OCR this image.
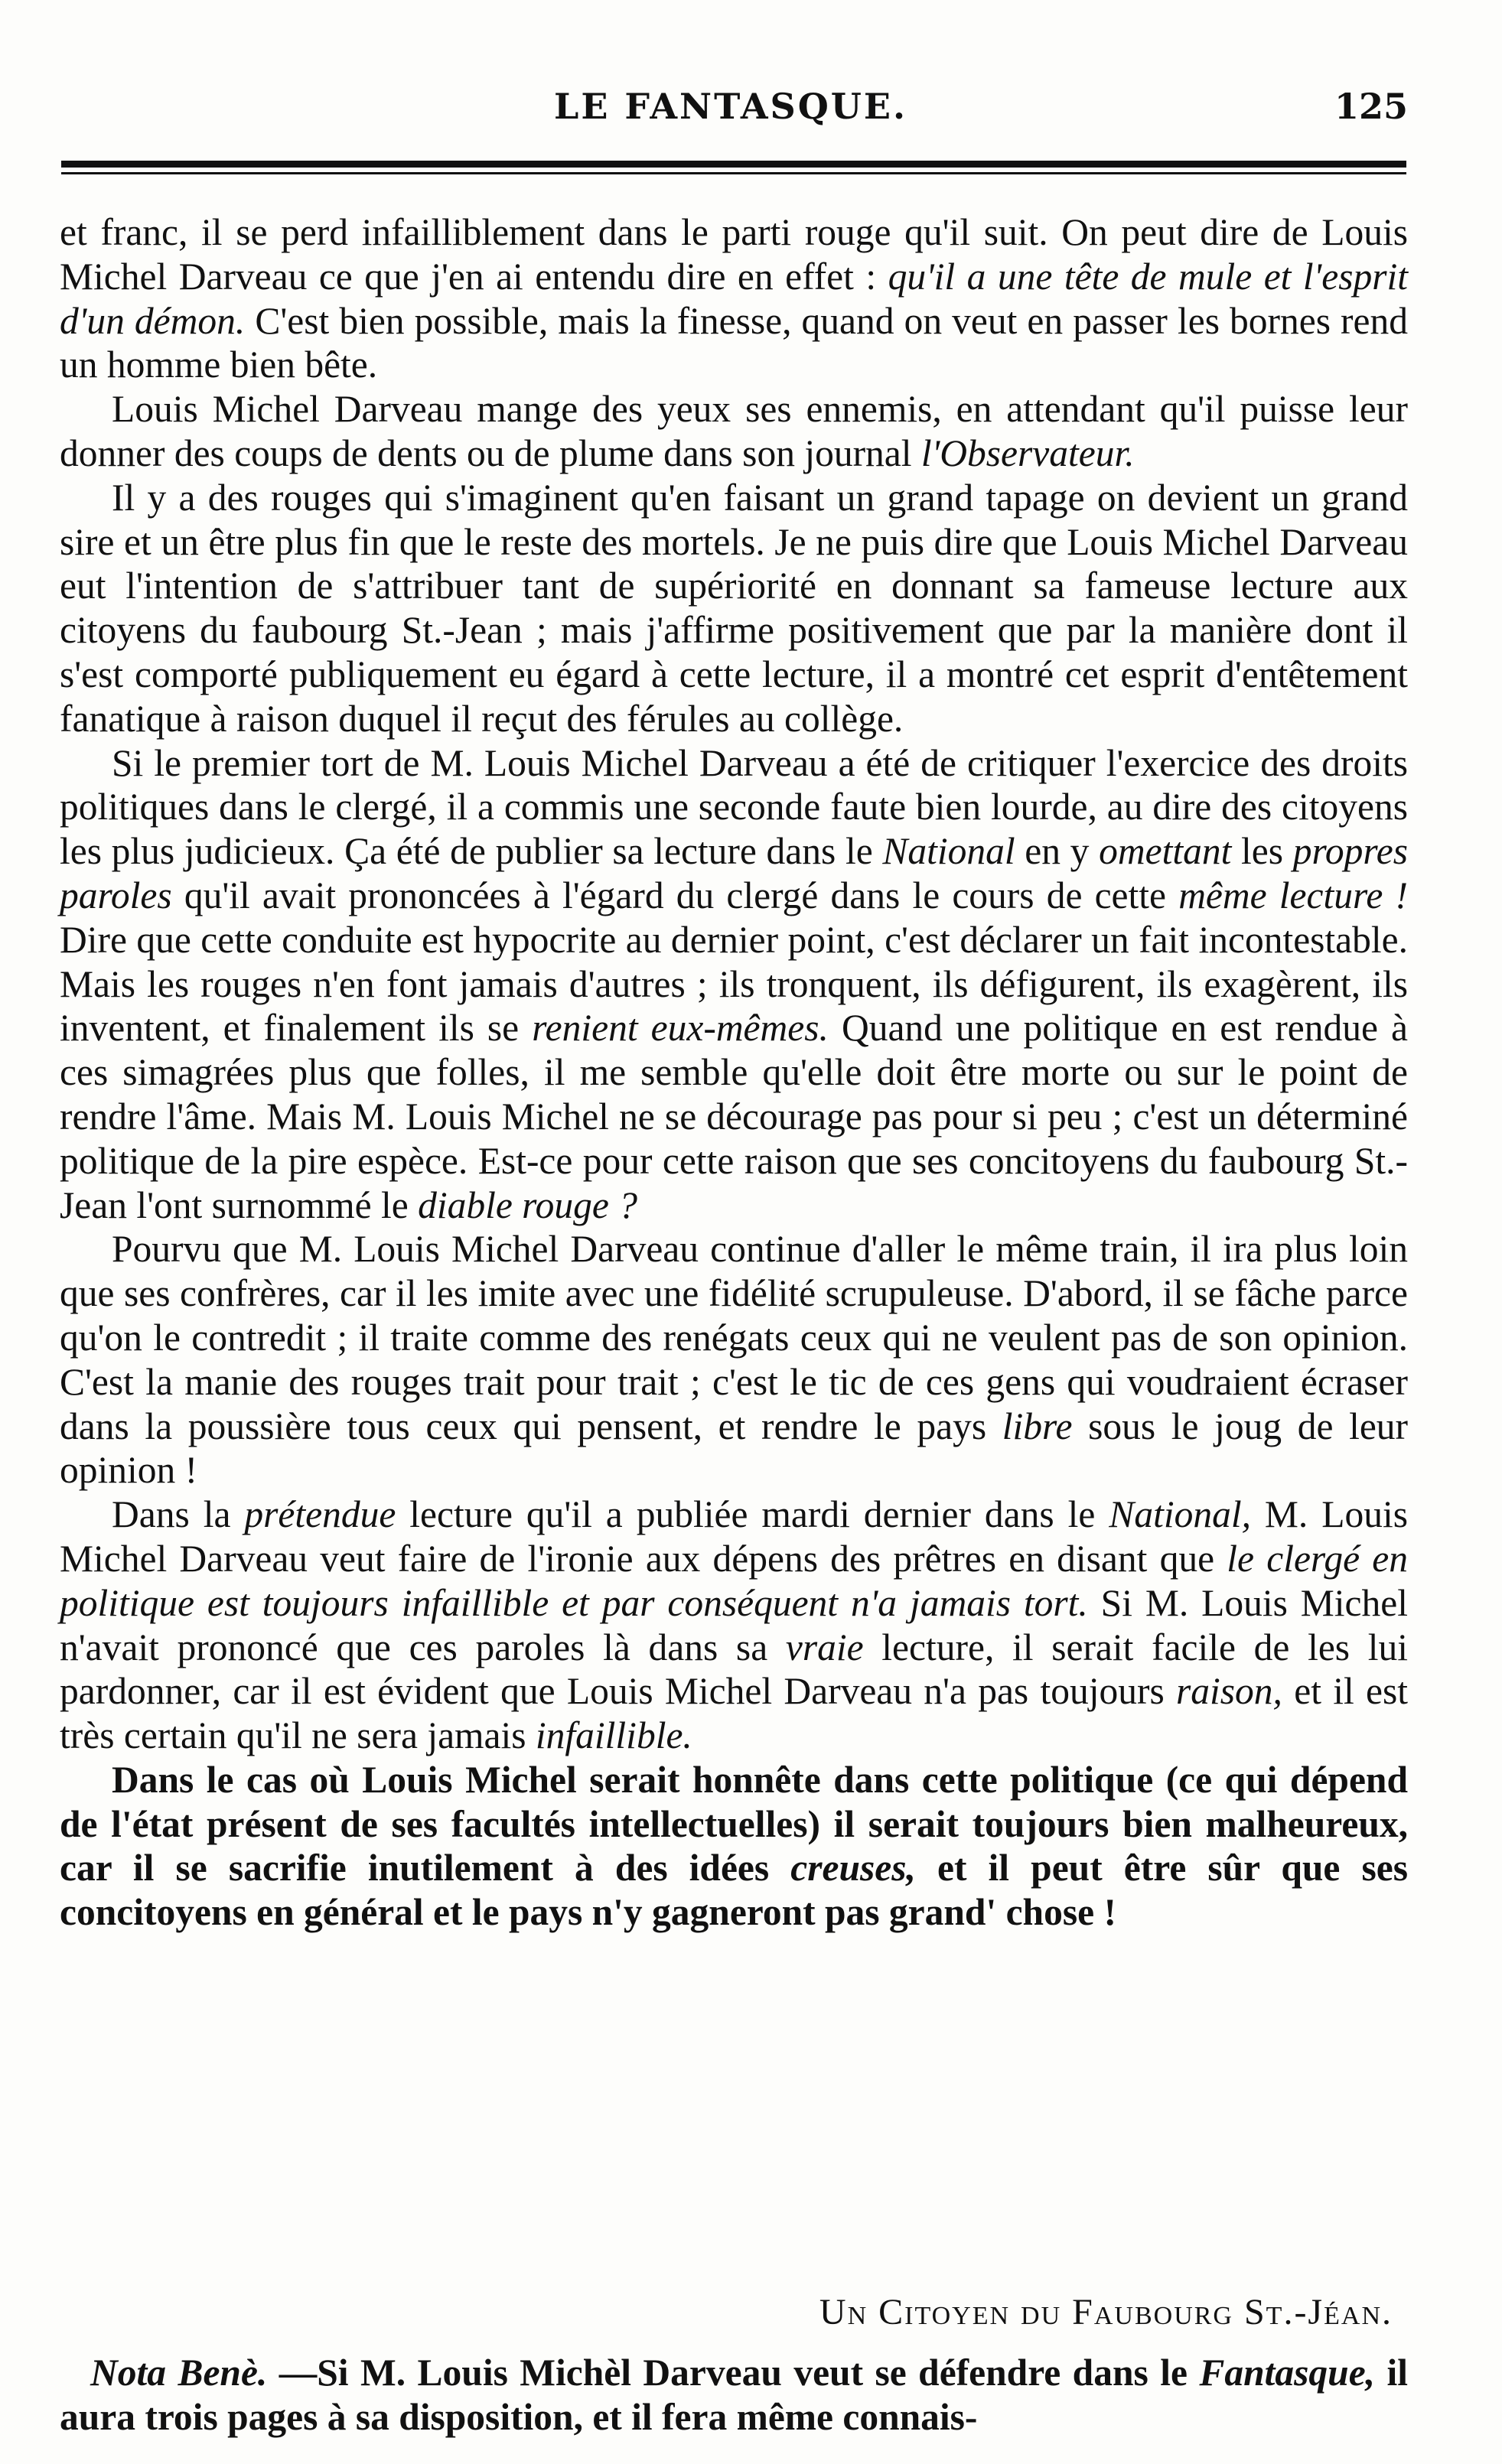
LE FANTASQUE.	125

et franc, il se perd infailliblement dans le parti rouge qu'il suit. On peut dire de Louis Michel Darveau ce que j'en ai entendu dire en effet : qu'il a une tête de mule et l'esprit d'un démon. C'est bien possible, mais la finesse, quand on veut en passer les bornes rend un homme bien bête.

Louis Michel Darveau mange des yeux ses ennemis, en attendant qu'il puisse leur donner des coups de dents ou de plume dans son journal l'Observateur.

Il y a des rouges qui s'imaginent qu'en faisant un grand tapage on devient un grand sire et un être plus fin que le reste des mortels. Je ne puis dire que Louis Michel Darveau eut l'intention de s'attribuer tant de supériorité en donnant sa fameuse lecture aux citoyens du faubourg St.-Jean ; mais j'affirme positivement que par la manière dont il s'est comporté publiquement eu égard à cette lecture, il a montré cet esprit d'entêtement fanatique à raison duquel il reçut des férules au collège.

Si le premier tort de M. Louis Michel Darveau a été de critiquer l'exercice des droits politiques dans le clergé, il a commis une seconde faute bien lourde, au dire des citoyens les plus judicieux. Ça été de publier sa lecture dans le National en y omettant les propres paroles qu'il avait prononcées à l'égard du clergé dans le cours de cette même lecture ! Dire que cette conduite est hypocrite au dernier point, c'est déclarer un fait incontestable. Mais les rouges n'en font jamais d'autres ; ils tronquent, ils défigurent, ils exagèrent, ils inventent, et finalement ils se renient eux-mêmes. Quand une politique en est rendue à ces simagrées plus que folles, il me semble qu'elle doit être morte ou sur le point de rendre l'âme. Mais M. Louis Michel ne se décourage pas pour si peu ; c'est un déterminé politique de la pire espèce. Est-ce pour cette raison que ses concitoyens du faubourg St.-Jean l'ont surnommé le diable rouge ?

Pourvu que M. Louis Michel Darveau continue d'aller le même train, il ira plus loin que ses confrères, car il les imite avec une fidélité scrupuleuse. D'abord, il se fâche parce qu'on le contredit ; il traite comme des renégats ceux qui ne veulent pas de son opinion. C'est la manie des rouges trait pour trait ; c'est le tic de ces gens qui voudraient écraser dans la poussière tous ceux qui pensent, et rendre le pays libre sous le joug de leur opinion !

Dans la prétendue lecture qu'il a publiée mardi dernier dans le National, M. Louis Michel Darveau veut faire de l'ironie aux dépens des prêtres en disant que le clergé en politique est toujours infaillible et par conséquent n'a jamais tort. Si M. Louis Michel n'avait prononcé que ces paroles là dans sa vraie lecture, il serait facile de les lui pardonner, car il est évident que Louis Michel Darveau n'a pas toujours raison, et il est très certain qu'il ne sera jamais infaillible.

Dans le cas où Louis Michel serait honnête dans cette politique (ce qui dépend de l'état présent de ses facultés intellectuelles) il serait toujours bien malheureux, car il se sacrifie inutilement à des idées creuses, et il peut être sûr que ses concitoyens en général et le pays n'y gagneront pas grand' chose !

Un Citoyen du Faubourg St.-Jéan.

Nota Benè. —Si M. Louis Michèl Darveau veut se défendre dans le Fantasque, il aura trois pages à sa disposition, et il fera même connais-
